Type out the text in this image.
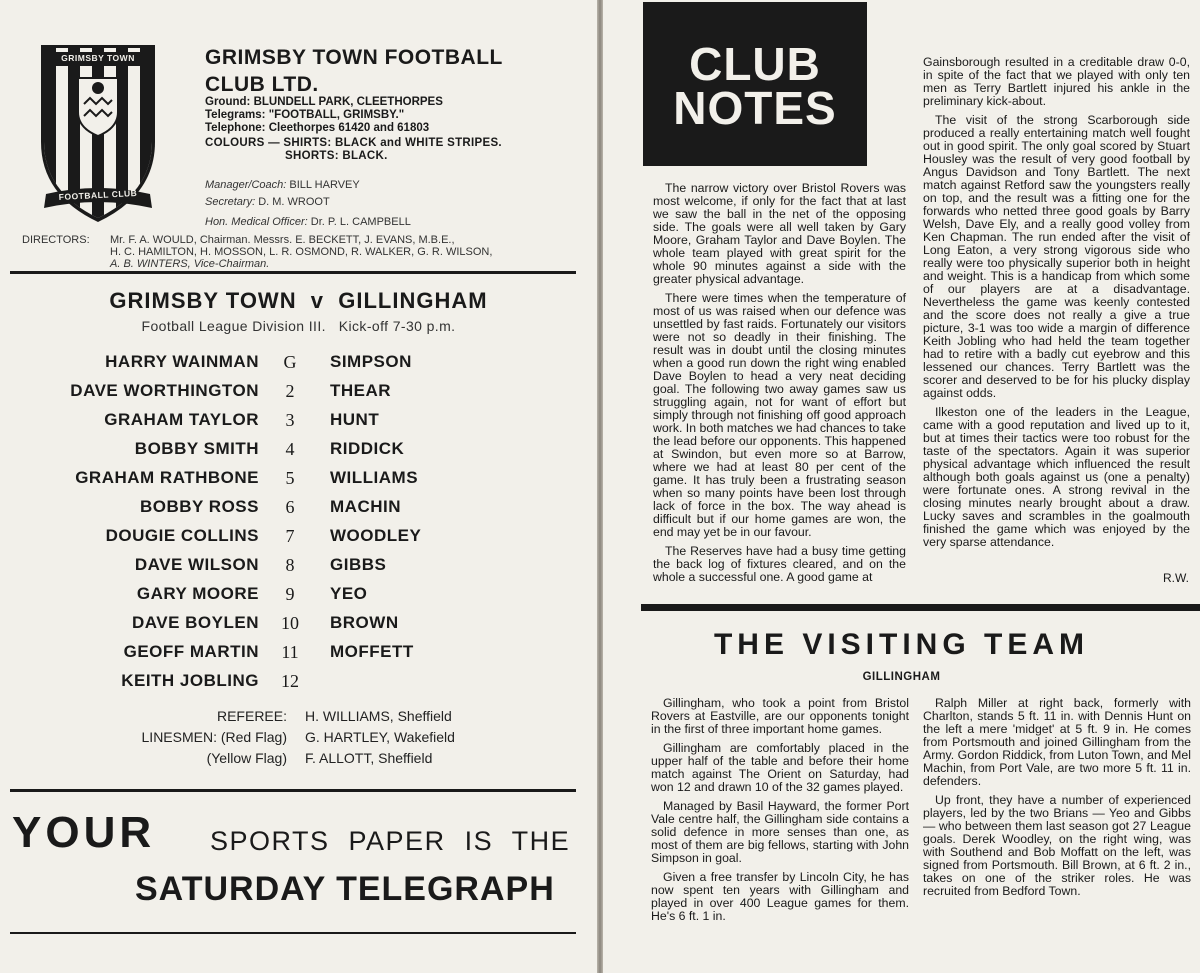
GRIMSBY TOWN
FOOTBALL CLUB
GRIMSBY TOWN FOOTBALL
CLUB LTD.
Ground: BLUNDELL PARK, CLEETHORPES
Telegrams: "FOOTBALL, GRIMSBY."
Telephone: Cleethorpes 61420 and 61803
COLOURS — SHIRTS: BLACK and WHITE STRIPES.
SHORTS: BLACK.
Manager/Coach: BILL HARVEY
Secretary: D. M. WROOT
Hon. Medical Officer: Dr. P. L. CAMPBELL
DIRECTORS: Mr. F. A. WOULD, Chairman. Messrs. E. BECKETT, J. EVANS, M.B.E.,
H. C. HAMILTON, H. MOSSON, L. R. OSMOND, R. WALKER, G. R. WILSON,
A. B. WINTERS, Vice-Chairman.
GRIMSBY TOWN  v  GILLINGHAM
Football League Division III.   Kick-off 7-30 p.m.
HARRY WAINMAN	G	SIMPSON
DAVE WORTHINGTON	2	THEAR
GRAHAM TAYLOR	3	HUNT
BOBBY SMITH	4	RIDDICK
GRAHAM RATHBONE	5	WILLIAMS
BOBBY ROSS	6	MACHIN
DOUGIE COLLINS	7	WOODLEY
DAVE WILSON	8	GIBBS
GARY MOORE	9	YEO
DAVE BOYLEN	10	BROWN
GEOFF MARTIN	11	MOFFETT
KEITH JOBLING	12
REFEREE: H. WILLIAMS, Sheffield
LINESMEN: (Red Flag) G. HARTLEY, Wakefield
(Yellow Flag) F. ALLOTT, Sheffield
YOUR SPORTS PAPER IS THE
SATURDAY TELEGRAPH
CLUB
NOTES

The narrow victory over Bristol Rovers was most welcome, if only for the fact that at last we saw the ball in the net of the opposing side. The goals were all well taken by Gary Moore, Graham Taylor and Dave Boylen. The whole team played with great spirit for the whole 90 minutes against a side with the greater physical advantage.

There were times when the temperature of most of us was raised when our defence was unsettled by fast raids. Fortunately our visitors were not so deadly in their finishing. The result was in doubt until the closing minutes when a good run down the right wing enabled Dave Boylen to head a very neat deciding goal. The following two away games saw us struggling again, not for want of effort but simply through not finishing off good approach work. In both matches we had chances to take the lead before our opponents. This happened at Swindon, but even more so at Barrow, where we had at least 80 per cent of the game. It has truly been a frustrating season when so many points have been lost through lack of force in the box. The way ahead is difficult but if our home games are won, the end may yet be in our favour.

The Reserves have had a busy time getting the back log of fixtures cleared, and on the whole a successful one. A good game at

Gainsborough resulted in a creditable draw 0-0, in spite of the fact that we played with only ten men as Terry Bartlett injured his ankle in the preliminary kick-about.

The visit of the strong Scarborough side produced a really entertaining match well fought out in good spirit. The only goal scored by Stuart Housley was the result of very good football by Angus Davidson and Tony Bartlett. The next match against Retford saw the youngsters really on top, and the result was a fitting one for the forwards who netted three good goals by Barry Welsh, Dave Ely, and a really good volley from Ken Chapman. The run ended after the visit of Long Eaton, a very strong vigorous side who really were too physically superior both in height and weight. This is a handicap from which some of our players are at a disadvantage. Nevertheless the game was keenly contested and the score does not really a give a true picture, 3-1 was too wide a margin of difference Keith Jobling who had held the team together had to retire with a badly cut eyebrow and this lessened our chances. Terry Bartlett was the scorer and deserved to be for his plucky display against odds.

Ilkeston one of the leaders in the League, came with a good reputation and lived up to it, but at times their tactics were too robust for the taste of the spectators. Again it was superior physical advantage which influenced the result although both goals against us (one a penalty) were fortunate ones. A strong revival in the closing minutes nearly brought about a draw. Lucky saves and scrambles in the goalmouth finished the game which was enjoyed by the very sparse attendance.

R.W.
THE VISITING TEAM
GILLINGHAM

Gillingham, who took a point from Bristol Rovers at Eastville, are our opponents tonight in the first of three important home games.

Gillingham are comfortably placed in the upper half of the table and before their home match against The Orient on Saturday, had won 12 and drawn 10 of the 32 games played.

Managed by Basil Hayward, the former Port Vale centre half, the Gillingham side contains a solid defence in more senses than one, as most of them are big fellows, starting with John Simpson in goal.

Given a free transfer by Lincoln City, he has now spent ten years with Gillingham and played in over 400 League games for them. He's 6 ft. 1 in.

Ralph Miller at right back, formerly with Charlton, stands 5 ft. 11 in. with Dennis Hunt on the left a mere 'midget' at 5 ft. 9 in. He comes from Portsmouth and joined Gillingham from the Army. Gordon Riddick, from Luton Town, and Mel Machin, from Port Vale, are two more 5 ft. 11 in. defenders.

Up front, they have a number of experienced players, led by the two Brians — Yeo and Gibbs — who between them last season got 27 League goals. Derek Woodley, on the right wing, was with Southend and Bob Moffatt on the left, was signed from Portsmouth. Bill Brown, at 6 ft. 2 in., takes on one of the striker roles. He was recruited from Bedford Town.
